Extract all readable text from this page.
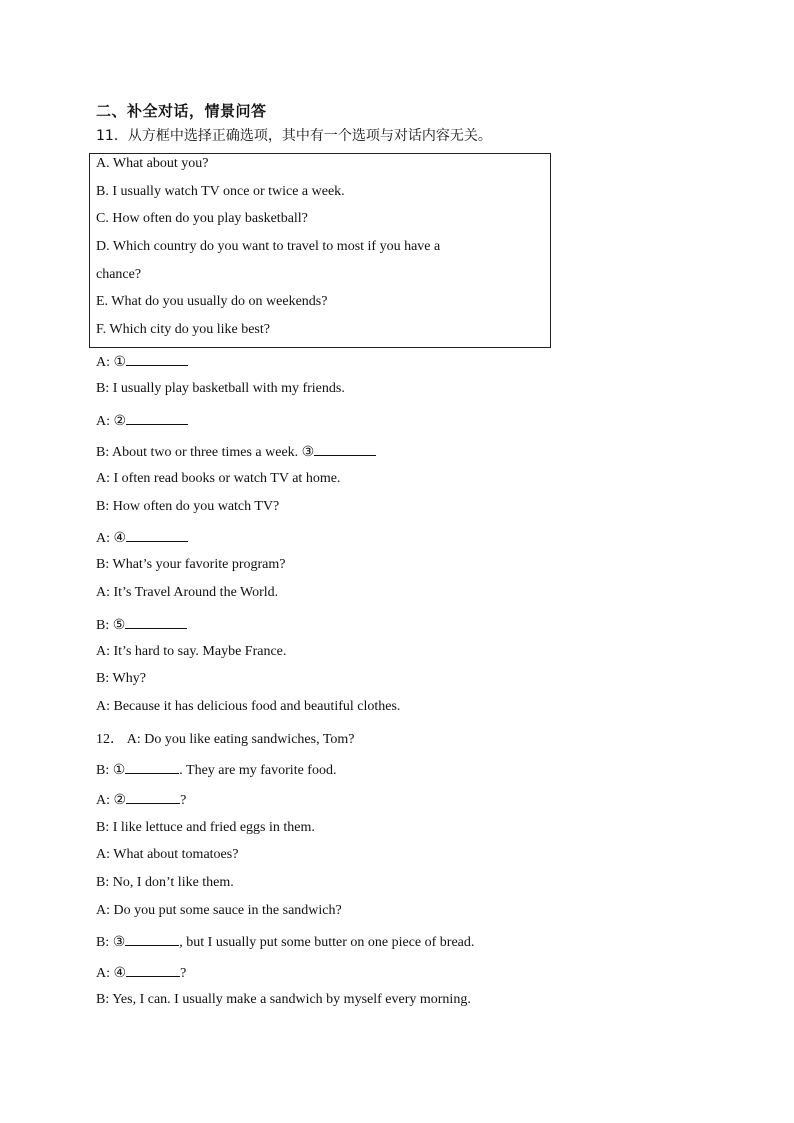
二、补全对话，情景问答
11．从方框中选择正确选项，其中有一个选项与对话内容无关。
A. What about you?
B. I usually watch TV once or twice a week.
C. How often do you play basketball?
D. Which country do you want to travel to most if you have a
chance?
E. What do you usually do on weekends?
F. Which city do you like best?
A: ①
B: I usually play basketball with my friends.
A: ②
B: About two or three times a week. ③
A: I often read books or watch TV at home.
B: How often do you watch TV?
A: ④
B: What’s your favorite program?
A: It’s Travel Around the World.
B: ⑤
A: It’s hard to say. Maybe France.
B: Why?
A: Because it has delicious food and beautiful clothes.
12． A: Do you like eating sandwiches, Tom?
B: ①	. They are my favorite food.
A: ②	?
B: I like lettuce and fried eggs in them.
A: What about tomatoes?
B: No, I don’t like them.
A: Do you put some sauce in the sandwich?
B: ③	, but I usually put some butter on one piece of bread.
A: ④	?
B: Yes, I can. I usually make a sandwich by myself every morning.
